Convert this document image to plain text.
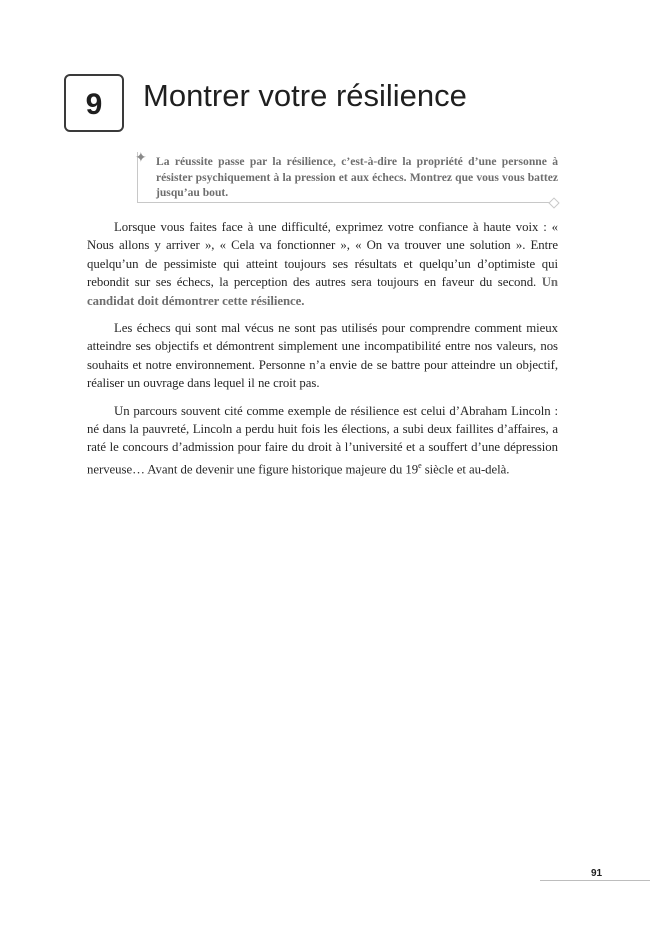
9 Montrer votre résilience
✦ La réussite passe par la résilience, c’est-à-dire la propriété d’une personne à résister psychiquement à la pression et aux échecs. Montrez que vous vous battez jusqu’au bout.

Lorsque vous faites face à une difficulté, exprimez votre confiance à haute voix : « Nous allons y arriver », « Cela va fonctionner », « On va trouver une solution ». Entre quelqu’un de pessimiste qui atteint toujours ses résultats et quelqu’un d’optimiste qui rebondit sur ses échecs, la perception des autres sera toujours en faveur du second. Un candidat doit démontrer cette résilience.

Les échecs qui sont mal vécus ne sont pas utilisés pour comprendre comment mieux atteindre ses objectifs et démontrent simplement une incompatibilité entre nos valeurs, nos souhaits et notre environnement. Personne n’a envie de se battre pour atteindre un objectif, réaliser un ouvrage dans lequel il ne croit pas.

Un parcours souvent cité comme exemple de résilience est celui d’Abraham Lincoln : né dans la pauvreté, Lincoln a perdu huit fois les élections, a subi deux faillites d’affaires, a raté le concours d’admission pour faire du droit à l’université et a souffert d’une dépression nerveuse… Avant de devenir une figure historique majeure du 19e siècle et au-delà.

91
